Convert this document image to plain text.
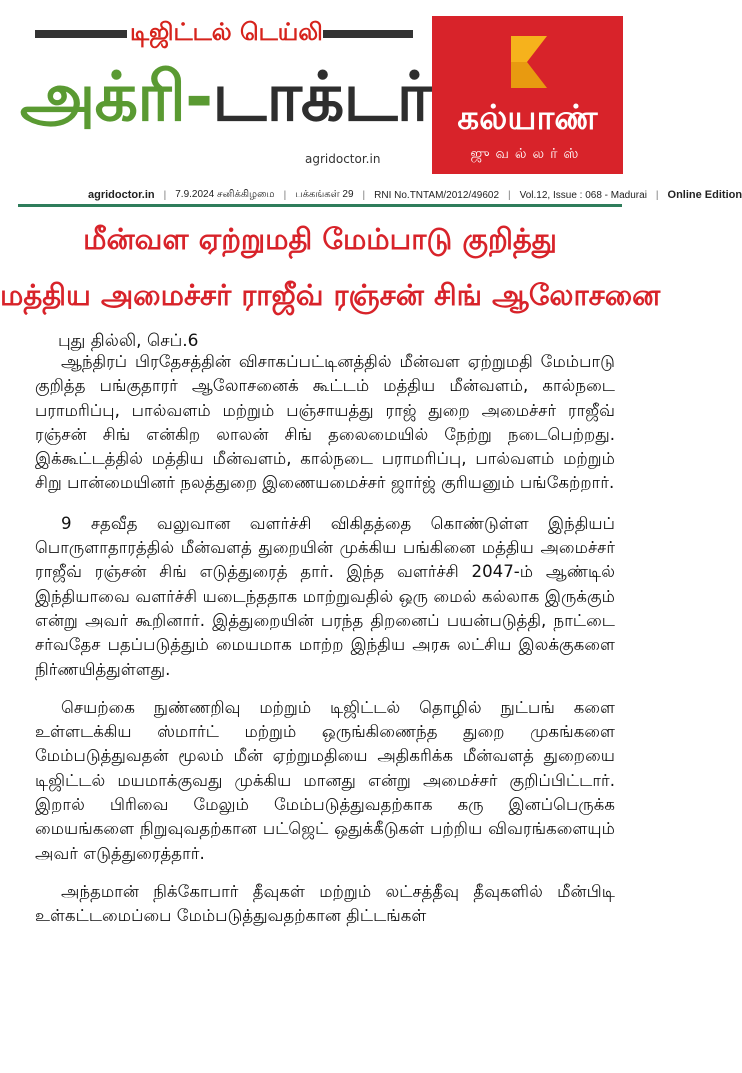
டிஜிட்டல் டெய்லி
அக்ரி-டாக்டர்
agridoctor.in
கல்யாண்
ஜுவல்லர்ஸ்
agridoctor.in | 7.9.2024 சனிக்கிழமை | பக்கங்கள் 29 | RNI No.TNTAM/2012/49602 | Vol.12, Issue : 068 - Madurai | Online Edition
மீன்வள ஏற்றுமதி மேம்பாடு குறித்து
மத்திய அமைச்சர் ராஜீவ் ரஞ்சன் சிங் ஆலோசனை
புது தில்லி, செப்.6

ஆந்திரப் பிரதேசத்தின் விசாகப்பட்டினத்தில் மீன்வள ஏற்றுமதி மேம்பாடு குறித்த பங்குதாரர் ஆலோசனைக் கூட்டம் மத்திய மீன்வளம், கால்நடை பராமரிப்பு, பால்வளம் மற்றும் பஞ்சாயத்து ராஜ் துறை அமைச்சர் ராஜீவ் ரஞ்சன் சிங் என்கிற லாலன் சிங் தலைமையில் நேற்று நடைபெற்றது. இக்கூட்டத்தில் மத்திய மீன்வளம், கால்நடை பராமரிப்பு, பால்வளம் மற்றும் சிறு பான்மையினர் நலத்துறை இணையமைச்சர் ஜார்ஜ் குரியனும் பங்கேற்றார்.

9 சதவீத வலுவான வளர்ச்சி விகிதத்தை கொண்டுள்ள இந்தியப் பொருளாதாரத்தில் மீன்வளத் துறையின் முக்கிய பங்கினை மத்திய அமைச்சர் ராஜீவ் ரஞ்சன் சிங் எடுத்துரைத் தார். இந்த வளர்ச்சி 2047-ம் ஆண்டில் இந்தியாவை வளர்ச்சி யடைந்ததாக மாற்றுவதில் ஒரு மைல் கல்லாக இருக்கும் என்று அவர் கூறினார். இத்துறையின் பரந்த திறனைப் பயன்படுத்தி, நாட்டை சர்வதேச பதப்படுத்தும் மையமாக மாற்ற இந்திய அரசு லட்சிய இலக்குகளை நிர்ணயித்துள்ளது.

செயற்கை நுண்ணறிவு மற்றும் டிஜிட்டல் தொழில் நுட்பங் களை உள்ளடக்கிய ஸ்மார்ட் மற்றும் ஒருங்கிணைந்த துறை முகங்களை மேம்படுத்துவதன் மூலம் மீன் ஏற்றுமதியை அதிகரிக்க மீன்வளத் துறையை டிஜிட்டல் மயமாக்குவது முக்கிய மானது என்று அமைச்சர் குறிப்பிட்டார். இறால் பிரிவை மேலும் மேம்படுத்துவதற்காக கரு இனப்பெருக்க மையங்களை நிறுவுவதற்கான பட்ஜெட் ஒதுக்கீடுகள் பற்றிய விவரங்களையும் அவர் எடுத்துரைத்தார்.

அந்தமான் நிக்கோபார் தீவுகள் மற்றும் லட்சத்தீவு தீவுகளில் மீன்பிடி உள்கட்டமைப்பை மேம்படுத்துவதற்கான திட்டங்கள்
